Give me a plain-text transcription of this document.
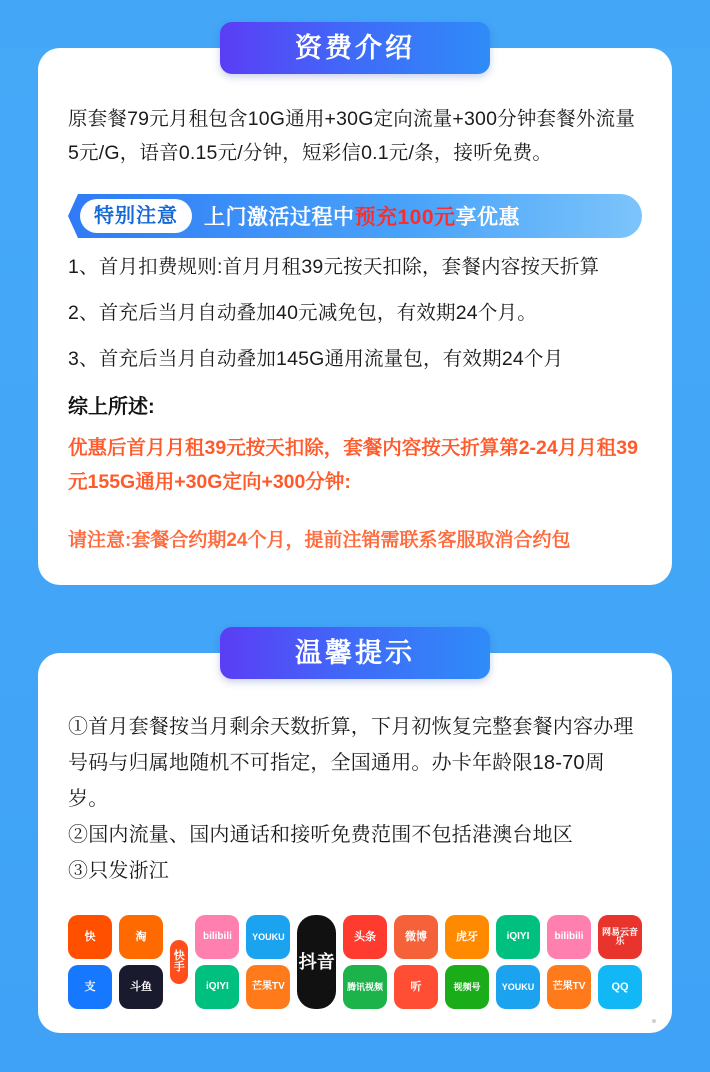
资费介绍

原套餐79元月租包含10G通用+30G定向流量+300分钟套餐外流量5元/G，语音0.15元/分钟，短彩信0.1元/条，接听免费。

特别注意	上门激活过程中预充100元享优惠
1、首月扣费规则:首月月租39元按天扣除，套餐内容按天折算
2、首充后当月自动叠加40元减免包，有效期24个月。
3、首充后当月自动叠加145G通用流量包，有效期24个月
综上所述:

优惠后首月月租39元按天扣除，套餐内容按天折算第2-24月月租39元155G通用+30G定向+300分钟:

请注意:套餐合约期24个月，提前注销需联系客服取消合约包

温馨提示

①首月套餐按当月剩余天数折算，下月初恢复完整套餐内容办理号码与归属地随机不可指定，全国通用。办卡年龄限18-70周岁。

②国内流量、国内通话和接听免费范围不包括港澳台地区

③只发浙江

快
支
淘
斗鱼
快手
bilibili
iQIYI
YOUKU
芒果TV
抖音
头条
腾讯视频
微博
听
虎牙
视频号
iQIYI
YOUKU
bilibili
芒果TV
网易云音乐
QQ
